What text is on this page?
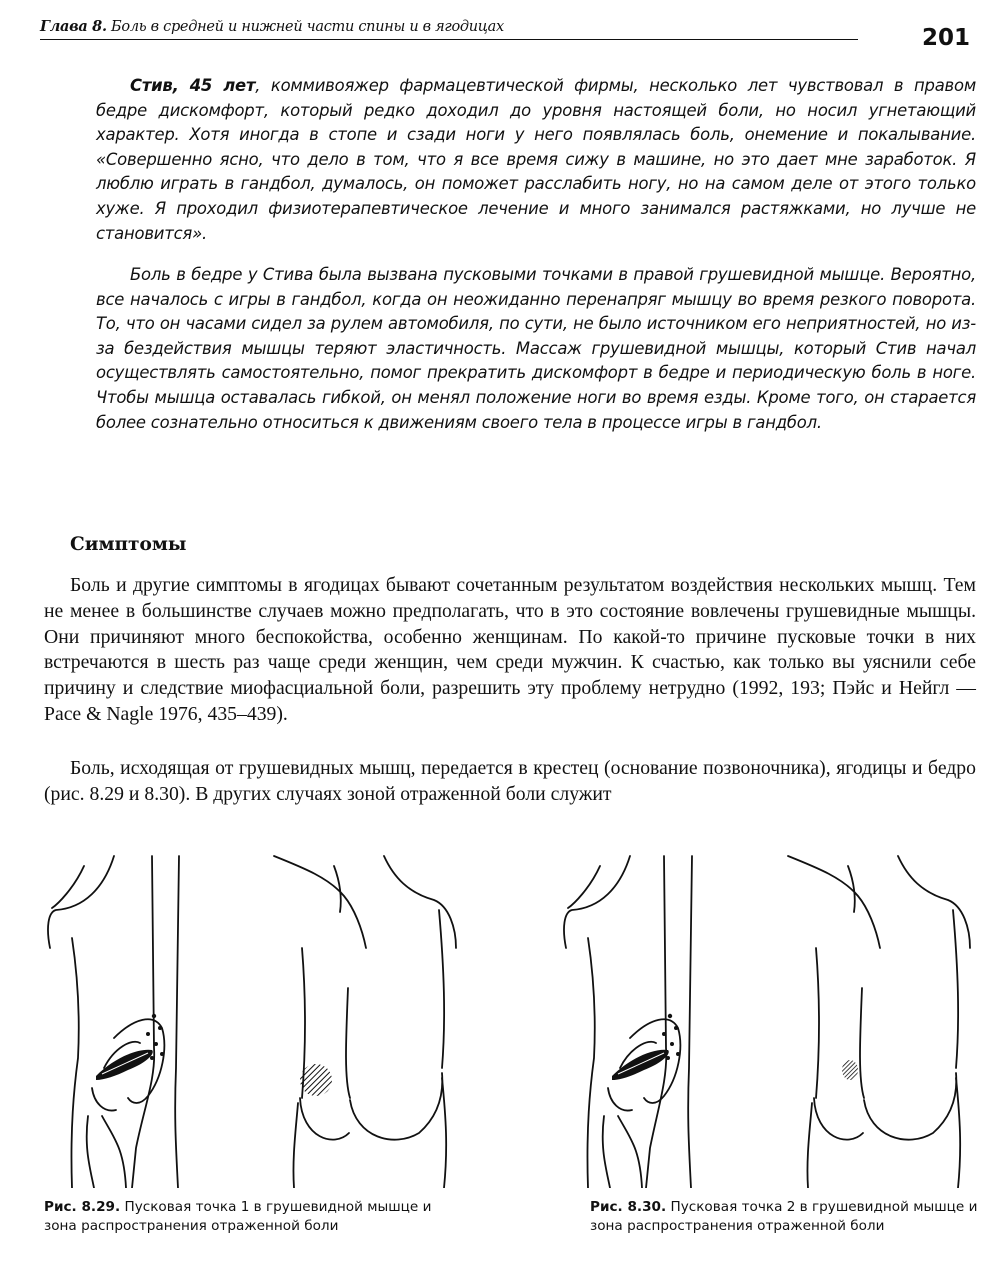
Глава 8. Боль в средней и нижней части спины и в ягодицах	201

Стив, 45 лет, коммивояжер фармацевтической фирмы, несколько лет чувствовал в правом бедре дискомфорт, который редко доходил до уровня настоящей боли, но носил угнетающий характер. Хотя иногда в стопе и сзади ноги у него появлялась боль, онемение и покалывание. «Совершенно ясно, что дело в том, что я все время сижу в машине, но это дает мне заработок. Я люблю играть в гандбол, думалось, он поможет расслабить ногу, но на самом деле от этого только хуже. Я проходил физиотерапевтическое лечение и много занимался растяжками, но лучше не становится».

Боль в бедре у Стива была вызвана пусковыми точками в правой грушевидной мышце. Вероятно, все началось с игры в гандбол, когда он неожиданно перенапряг мышцу во время резкого поворота. То, что он часами сидел за рулем автомобиля, по сути, не было источником его неприятностей, но из-за бездействия мышцы теряют эластичность. Массаж грушевидной мышцы, который Стив начал осуществлять самостоятельно, помог прекратить дискомфорт в бедре и периодическую боль в ноге. Чтобы мышца оставалась гибкой, он менял положение ноги во время езды. Кроме того, он старается более сознательно относиться к движениям своего тела в процессе игры в гандбол.

Симптомы

Боль и другие симптомы в ягодицах бывают сочетанным результатом воздействия нескольких мышц. Тем не менее в большинстве случаев можно предполагать, что в это состояние вовлечены грушевидные мышцы. Они причиняют много беспокойства, особенно женщинам. По какой-то причине пусковые точки в них встречаются в шесть раз чаще среди женщин, чем среди мужчин. К счастью, как только вы уяснили себе причину и следствие миофасциальной боли, разрешить эту проблему нетрудно (1992, 193; Пэйс и Нейгл — Pace & Nagle 1976, 435–439).

Боль, исходящая от грушевидных мышц, передается в крестец (основание позвоночника), ягодицы и бедро (рис. 8.29 и 8.30). В других случаях зоной отраженной боли служит

Рис. 8.29. Пусковая точка 1 в грушевидной мышце и зона распространения отраженной боли
Рис. 8.30. Пусковая точка 2 в грушевидной мышце и зона распространения отраженной боли
